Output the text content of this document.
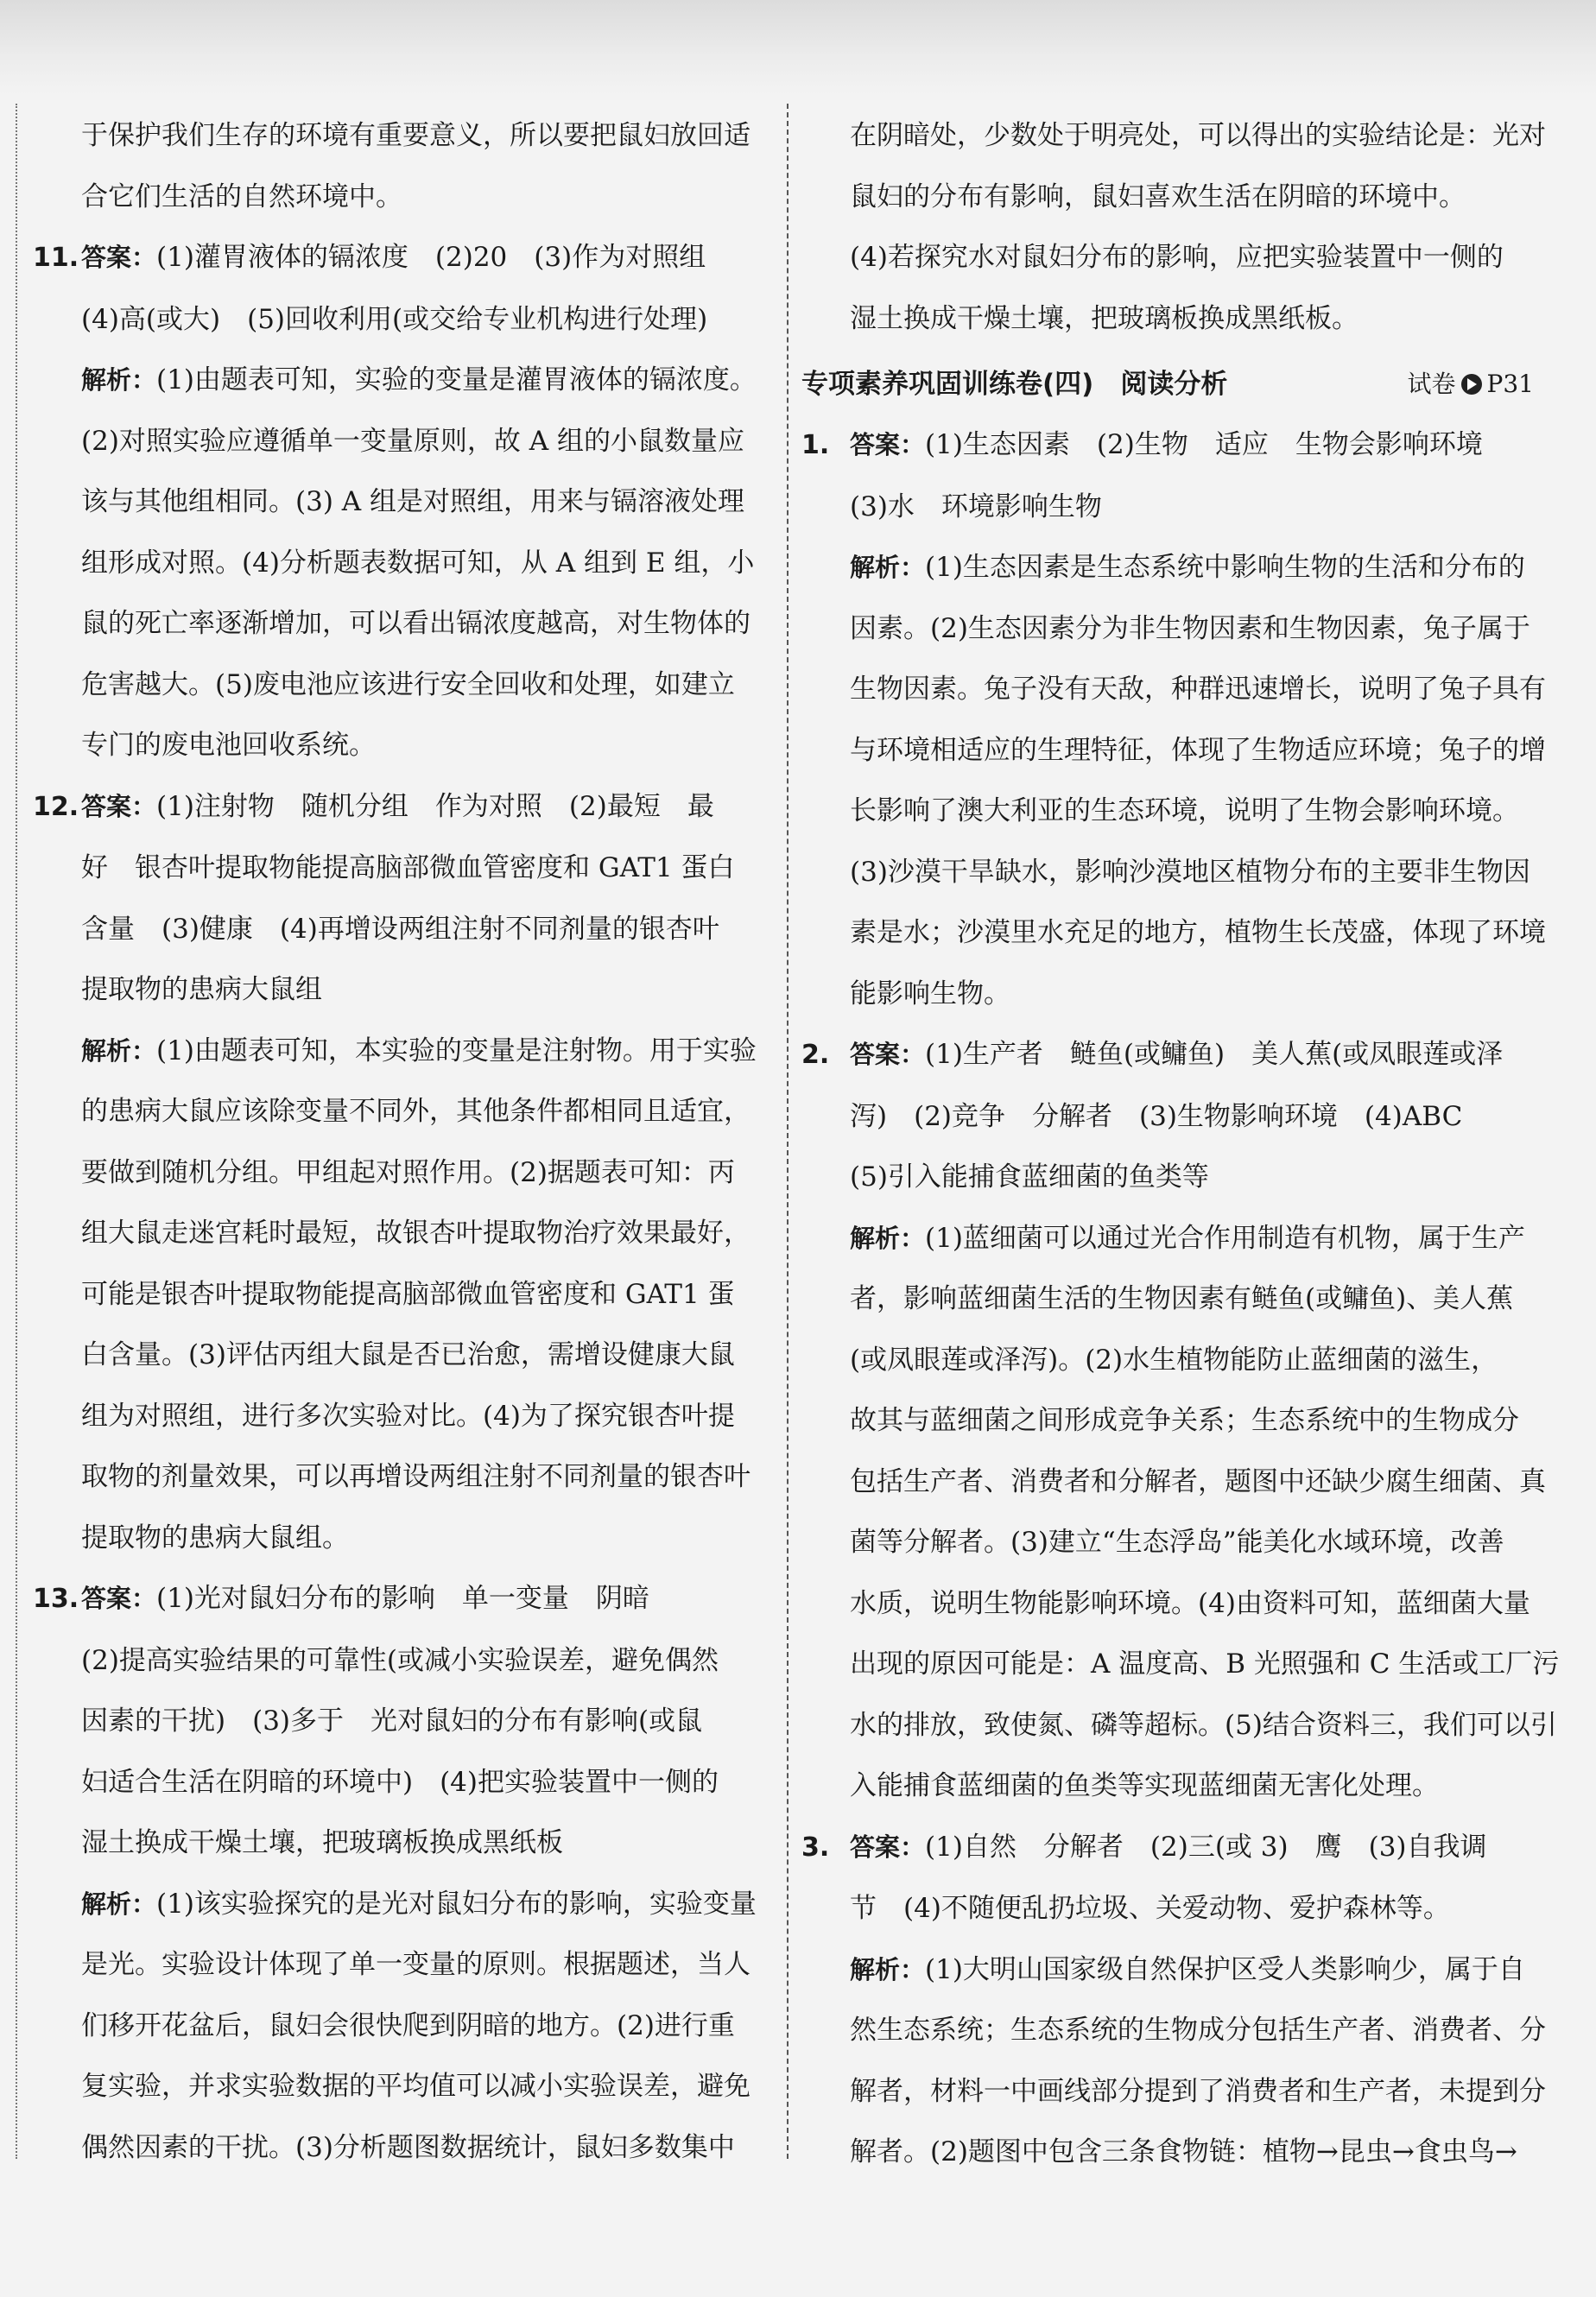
于保护我们生存的环境有重要意义，所以要把鼠妇放回适
合它们生活的自然环境中。
11.答案：(1)灌胃液体的镉浓度　(2)20　(3)作为对照组
(4)高(或大)　(5)回收利用(或交给专业机构进行处理)
解析：(1)由题表可知，实验的变量是灌胃液体的镉浓度。
(2)对照实验应遵循单一变量原则，故 A 组的小鼠数量应
该与其他组相同。(3) A 组是对照组，用来与镉溶液处理
组形成对照。(4)分析题表数据可知，从 A 组到 E 组，小
鼠的死亡率逐渐增加，可以看出镉浓度越高，对生物体的
危害越大。(5)废电池应该进行安全回收和处理，如建立
专门的废电池回收系统。
12.答案：(1)注射物　随机分组　作为对照　(2)最短　最
好　银杏叶提取物能提高脑部微血管密度和 GAT1 蛋白
含量　(3)健康　(4)再增设两组注射不同剂量的银杏叶
提取物的患病大鼠组
解析：(1)由题表可知，本实验的变量是注射物。用于实验
的患病大鼠应该除变量不同外，其他条件都相同且适宜，
要做到随机分组。甲组起对照作用。(2)据题表可知：丙
组大鼠走迷宫耗时最短，故银杏叶提取物治疗效果最好，
可能是银杏叶提取物能提高脑部微血管密度和 GAT1 蛋
白含量。(3)评估丙组大鼠是否已治愈，需增设健康大鼠
组为对照组，进行多次实验对比。(4)为了探究银杏叶提
取物的剂量效果，可以再增设两组注射不同剂量的银杏叶
提取物的患病大鼠组。
13.答案：(1)光对鼠妇分布的影响　单一变量　阴暗
(2)提高实验结果的可靠性(或减小实验误差，避免偶然
因素的干扰)　(3)多于　光对鼠妇的分布有影响(或鼠
妇适合生活在阴暗的环境中)　(4)把实验装置中一侧的
湿土换成干燥土壤，把玻璃板换成黑纸板
解析：(1)该实验探究的是光对鼠妇分布的影响，实验变量
是光。实验设计体现了单一变量的原则。根据题述，当人
们移开花盆后，鼠妇会很快爬到阴暗的地方。(2)进行重
复实验，并求实验数据的平均值可以减小实验误差，避免
偶然因素的干扰。(3)分析题图数据统计，鼠妇多数集中
在阴暗处，少数处于明亮处，可以得出的实验结论是：光对
鼠妇的分布有影响，鼠妇喜欢生活在阴暗的环境中。
(4)若探究水对鼠妇分布的影响，应把实验装置中一侧的
湿土换成干燥土壤，把玻璃板换成黑纸板。
专项素养巩固训练卷(四)　阅读分析	试卷 P31
1. 答案：(1)生态因素　(2)生物　适应　生物会影响环境
(3)水　环境影响生物
解析：(1)生态因素是生态系统中影响生物的生活和分布的
因素。(2)生态因素分为非生物因素和生物因素，兔子属于
生物因素。兔子没有天敌，种群迅速增长，说明了兔子具有
与环境相适应的生理特征，体现了生物适应环境；兔子的增
长影响了澳大利亚的生态环境，说明了生物会影响环境。
(3)沙漠干旱缺水，影响沙漠地区植物分布的主要非生物因
素是水；沙漠里水充足的地方，植物生长茂盛，体现了环境
能影响生物。
2. 答案：(1)生产者　鲢鱼(或鳙鱼)　美人蕉(或凤眼莲或泽
泻)　(2)竞争　分解者　(3)生物影响环境　(4)ABC
(5)引入能捕食蓝细菌的鱼类等
解析：(1)蓝细菌可以通过光合作用制造有机物，属于生产
者，影响蓝细菌生活的生物因素有鲢鱼(或鳙鱼)、美人蕉
(或凤眼莲或泽泻)。(2)水生植物能防止蓝细菌的滋生，
故其与蓝细菌之间形成竞争关系；生态系统中的生物成分
包括生产者、消费者和分解者，题图中还缺少腐生细菌、真
菌等分解者。(3)建立“生态浮岛”能美化水域环境，改善
水质，说明生物能影响环境。(4)由资料可知，蓝细菌大量
出现的原因可能是：A 温度高、B 光照强和 C 生活或工厂污
水的排放，致使氮、磷等超标。(5)结合资料三，我们可以引
入能捕食蓝细菌的鱼类等实现蓝细菌无害化处理。
3. 答案：(1)自然　分解者　(2)三(或 3)　鹰　(3)自我调
节　(4)不随便乱扔垃圾、关爱动物、爱护森林等。
解析：(1)大明山国家级自然保护区受人类影响少，属于自
然生态系统；生态系统的生物成分包括生产者、消费者、分
解者，材料一中画线部分提到了消费者和生产者，未提到分
解者。(2)题图中包含三条食物链：植物→昆虫→食虫鸟→
